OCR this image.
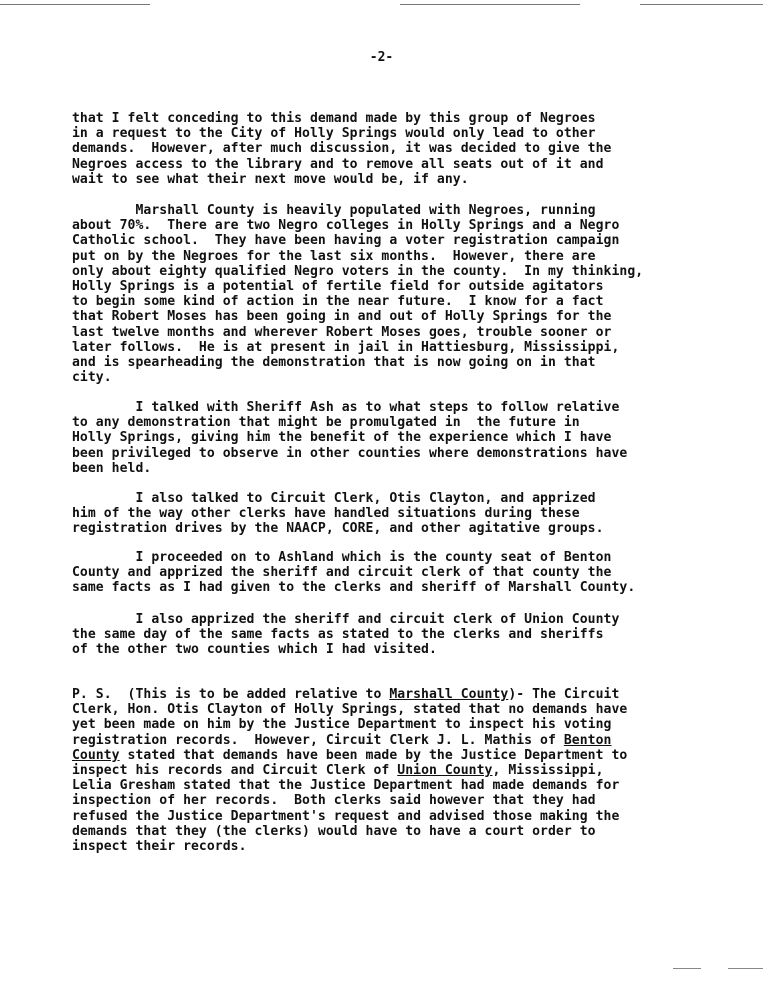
-2-
that I felt conceding to this demand made by this group of Negroes
in a request to the City of Holly Springs would only lead to other
demands.  However, after much discussion, it was decided to give the
Negroes access to the library and to remove all seats out of it and
wait to see what their next move would be, if any.
Marshall County is heavily populated with Negroes, running
about 70%.  There are two Negro colleges in Holly Springs and a Negro
Catholic school.  They have been having a voter registration campaign
put on by the Negroes for the last six months.  However, there are
only about eighty qualified Negro voters in the county.  In my thinking,
Holly Springs is a potential of fertile field for outside agitators
to begin some kind of action in the near future.  I know for a fact
that Robert Moses has been going in and out of Holly Springs for the
last twelve months and wherever Robert Moses goes, trouble sooner or
later follows.  He is at present in jail in Hattiesburg, Mississippi,
and is spearheading the demonstration that is now going on in that
city.
I talked with Sheriff Ash as to what steps to follow relative
to any demonstration that might be promulgated in  the future in
Holly Springs, giving him the benefit of the experience which I have
been privileged to observe in other counties where demonstrations have
been held.
I also talked to Circuit Clerk, Otis Clayton, and apprized
him of the way other clerks have handled situations during these
registration drives by the NAACP, CORE, and other agitative groups.
I proceeded on to Ashland which is the county seat of Benton
County and apprized the sheriff and circuit clerk of that county the
same facts as I had given to the clerks and sheriff of Marshall County.
I also apprized the sheriff and circuit clerk of Union County
the same day of the same facts as stated to the clerks and sheriffs
of the other two counties which I had visited.
P. S.  (This is to be added relative to Marshall County)- The Circuit
Clerk, Hon. Otis Clayton of Holly Springs, stated that no demands have
yet been made on him by the Justice Department to inspect his voting
registration records.  However, Circuit Clerk J. L. Mathis of Benton
County stated that demands have been made by the Justice Department to
inspect his records and Circuit Clerk of Union County, Mississippi,
Lelia Gresham stated that the Justice Department had made demands for
inspection of her records.  Both clerks said however that they had
refused the Justice Department's request and advised those making the
demands that they (the clerks) would have to have a court order to
inspect their records.
